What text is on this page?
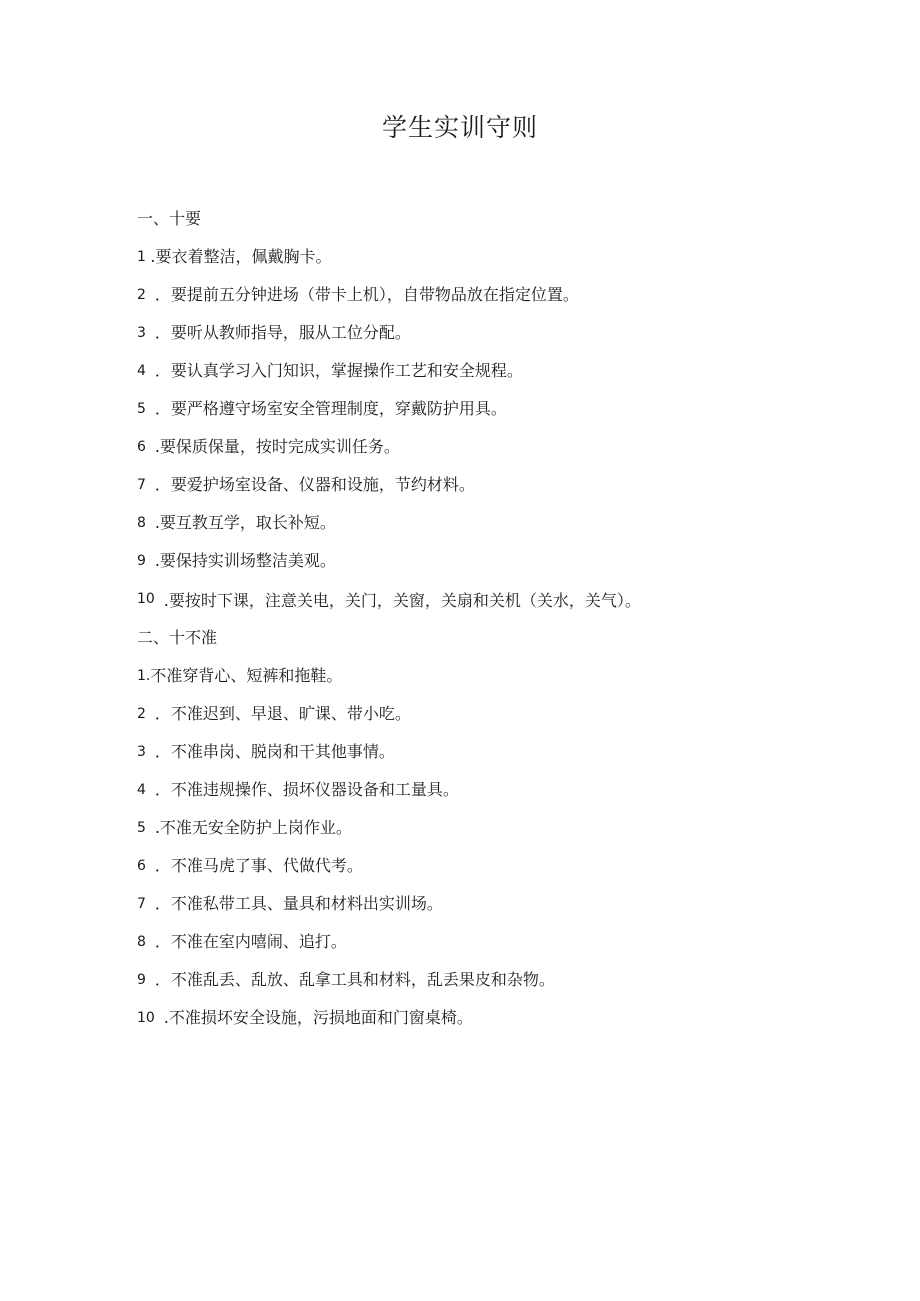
学生实训守则
一、十要
1
.要衣着整洁，佩戴胸卡。
2
．要提前五分钟进场（带卡上机），自带物品放在指定位置。
3
．要听从教师指导，服从工位分配。
4
．要认真学习入门知识，掌握操作工艺和安全规程。
5
．要严格遵守场室安全管理制度，穿戴防护用具。
6
.要保质保量，按时完成实训任务。
7
．要爱护场室设备、仪器和设施，节约材料。
8
.要互教互学，取长补短。
9
.要保持实训场整洁美观。
10
.要按时下课，注意关电，关门，关窗，关扇和关机（关水，关气）。
二、十不准
1. 不准穿背心、短裤和拖鞋。
2
．不准迟到、早退、旷课、带小吃。
3
．不准串岗、脱岗和干其他事情。
4
．不准违规操作、损坏仪器设备和工量具。
5
.不准无安全防护上岗作业。
6
．不准马虎了事、代做代考。
7
．不准私带工具、量具和材料出实训场。
8
．不准在室内嘻闹、追打。
9
．不准乱丢、乱放、乱拿工具和材料，乱丢果皮和杂物。
10
.不准损坏安全设施，污损地面和门窗桌椅。
